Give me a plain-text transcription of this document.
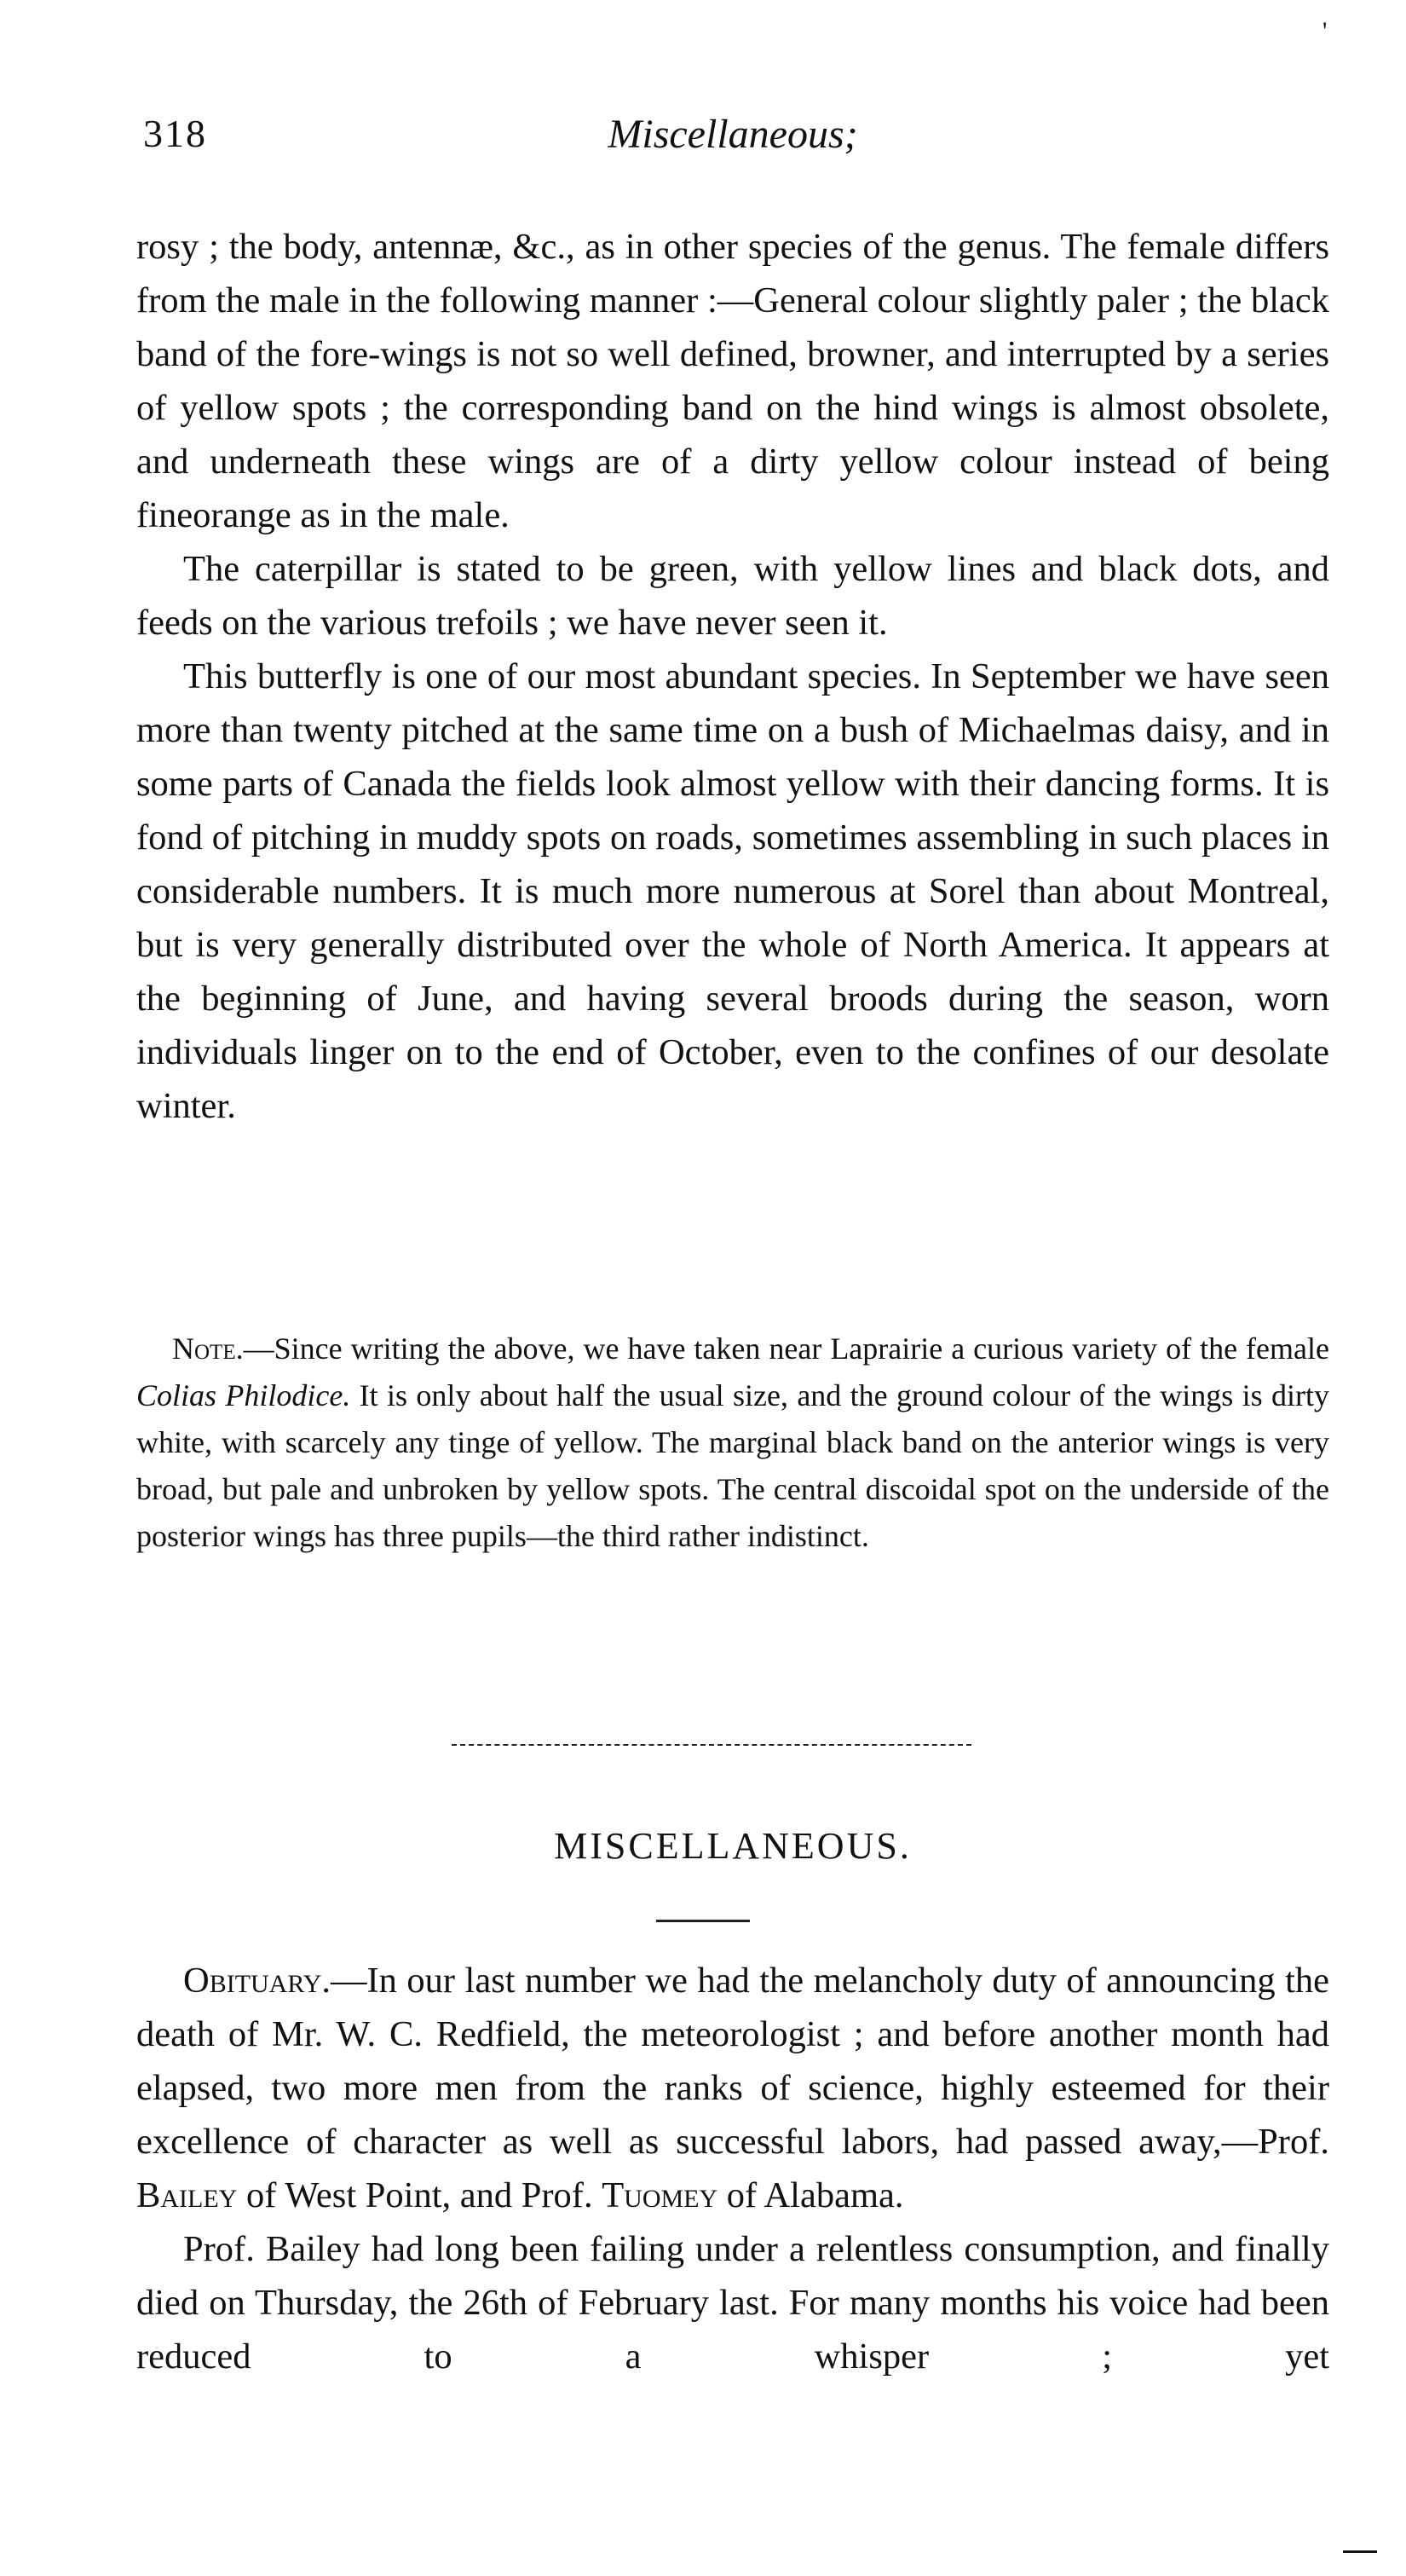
318	Miscellaneous;

rosy ; the body, antennæ, &c., as in other species of the genus. The female differs from the male in the following manner :—General colour slightly paler ; the black band of the fore-wings is not so well defined, browner, and interrupted by a series of yellow spots ; the corresponding band on the hind wings is almost obsolete, and underneath these wings are of a dirty yellow colour instead of being fineorange as in the male.

The caterpillar is stated to be green, with yellow lines and black dots, and feeds on the various trefoils ; we have never seen it.

This butterfly is one of our most abundant species. In September we have seen more than twenty pitched at the same time on a bush of Michaelmas daisy, and in some parts of Canada the fields look almost yellow with their dancing forms. It is fond of pitching in muddy spots on roads, sometimes assembling in such places in considerable numbers. It is much more numerous at Sorel than about Montreal, but is very generally distributed over the whole of North America. It appears at the beginning of June, and having several broods during the season, worn individuals linger on to the end of October, even to the confines of our desolate winter.

Note.—Since writing the above, we have taken near Laprairie a curious variety of the female Colias Philodice. It is only about half the usual size, and the ground colour of the wings is dirty white, with scarcely any tinge of yellow. The marginal black band on the anterior wings is very broad, but pale and unbroken by yellow spots. The central discoidal spot on the underside of the posterior wings has three pupils—the third rather indistinct.

MISCELLANEOUS.

Obituary.—In our last number we had the melancholy duty of announcing the death of Mr. W. C. Redfield, the meteorologist ; and before another month had elapsed, two more men from the ranks of science, highly esteemed for their excellence of character as well as successful labors, had passed away,—Prof. Bailey of West Point, and Prof. Tuomey of Alabama.

Prof. Bailey had long been failing under a relentless consumption, and finally died on Thursday, the 26th of February last. For many months his voice had been reduced to a whisper ; yet

'
